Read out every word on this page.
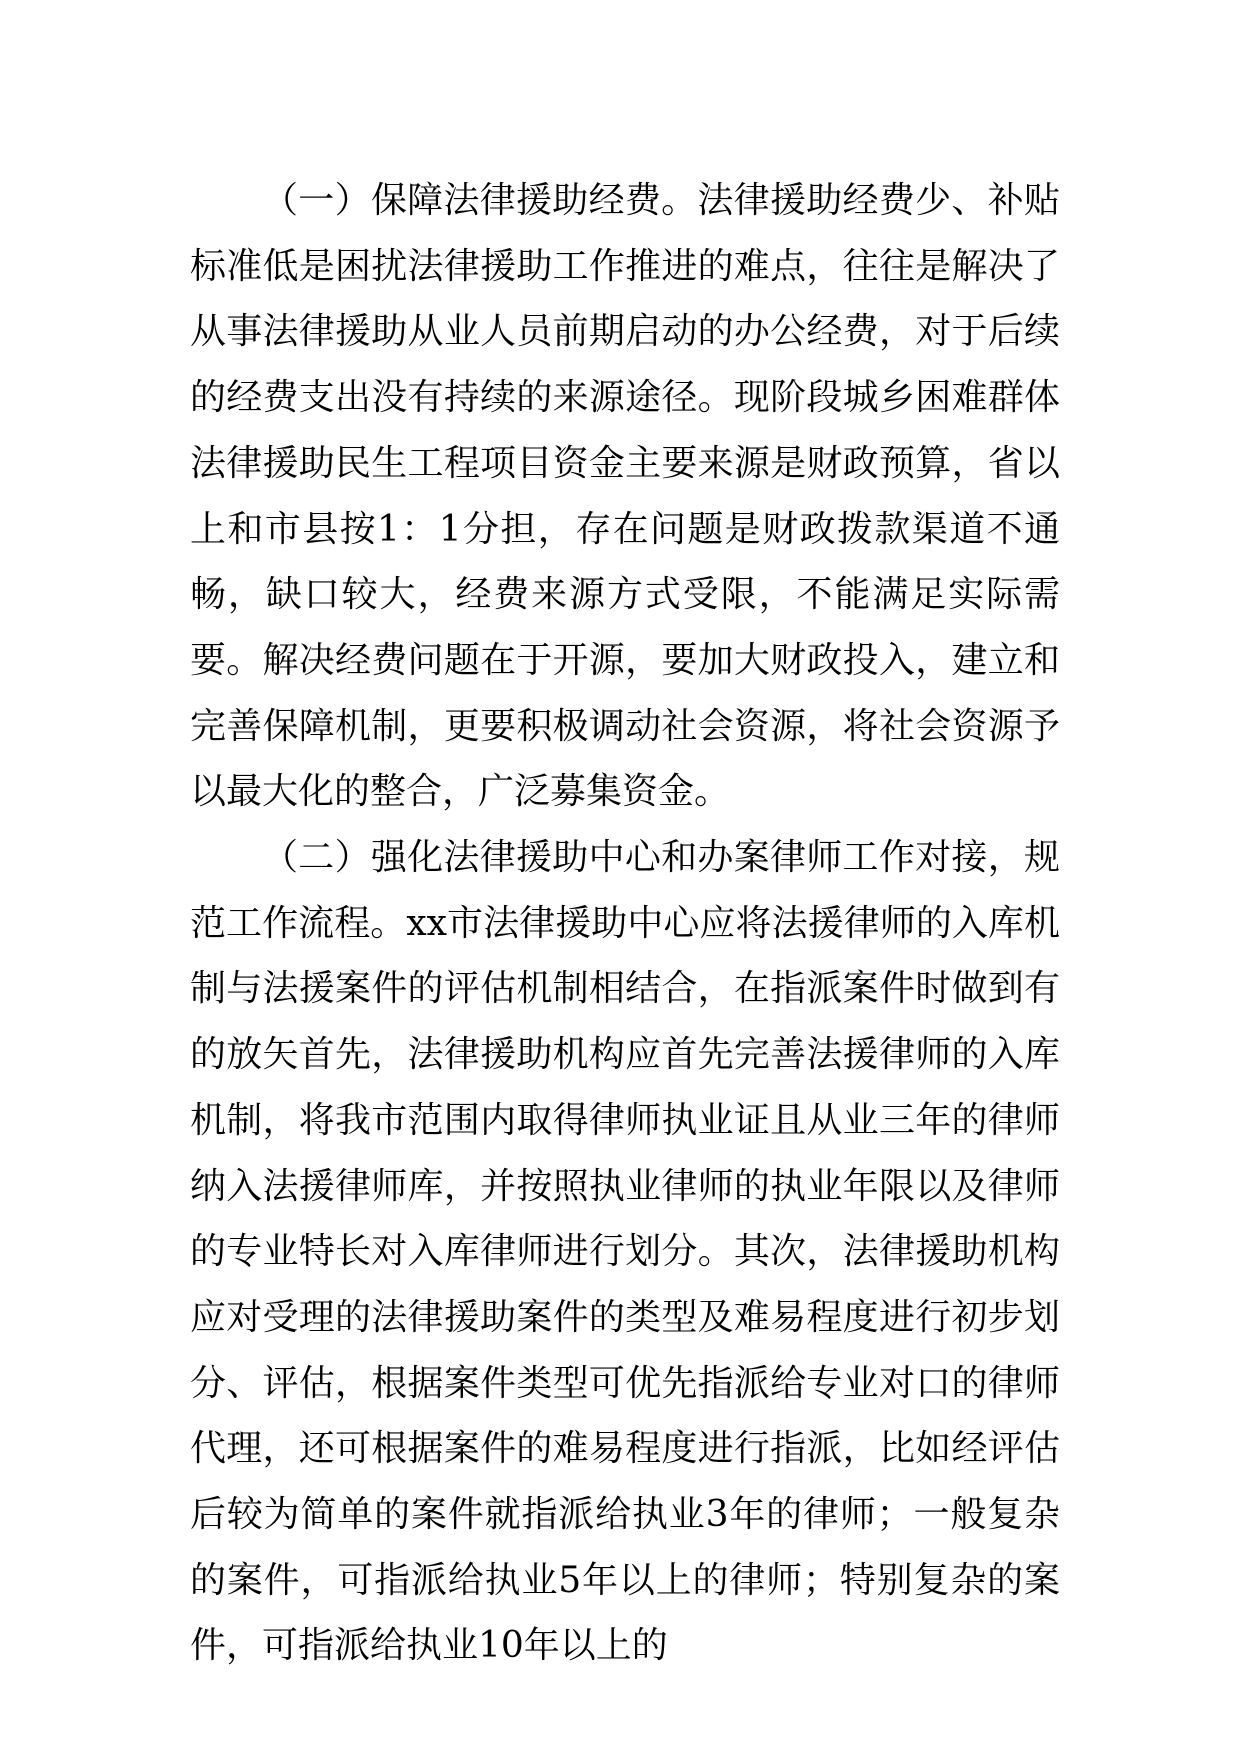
（一）保障法律援助经费。法律援助经费少、补贴标准低是困扰法律援助工作推进的难点，往往是解决了从事法律援助从业人员前期启动的办公经费，对于后续的经费支出没有持续的来源途径。现阶段城乡困难群体法律援助民生工程项目资金主要来源是财政预算，省以上和市县按1：1分担，存在问题是财政拨款渠道不通畅，缺口较大，经费来源方式受限，不能满足实际需要。解决经费问题在于开源，要加大财政投入，建立和完善保障机制，更要积极调动社会资源，将社会资源予以最大化的整合，广泛募集资金。

（二）强化法律援助中心和办案律师工作对接，规范工作流程。xx市法律援助中心应将法援律师的入库机制与法援案件的评估机制相结合，在指派案件时做到有的放矢首先，法律援助机构应首先完善法援律师的入库机制，将我市范围内取得律师执业证且从业三年的律师纳入法援律师库，并按照执业律师的执业年限以及律师的专业特长对入库律师进行划分。其次，法律援助机构应对受理的法律援助案件的类型及难易程度进行初步划分、评估，根据案件类型可优先指派给专业对口的律师代理，还可根据案件的难易程度进行指派，比如经评估后较为简单的案件就指派给执业3年的律师；一般复杂的案件，可指派给执业5年以上的律师；特别复杂的案件，可指派给执业10年以上的
